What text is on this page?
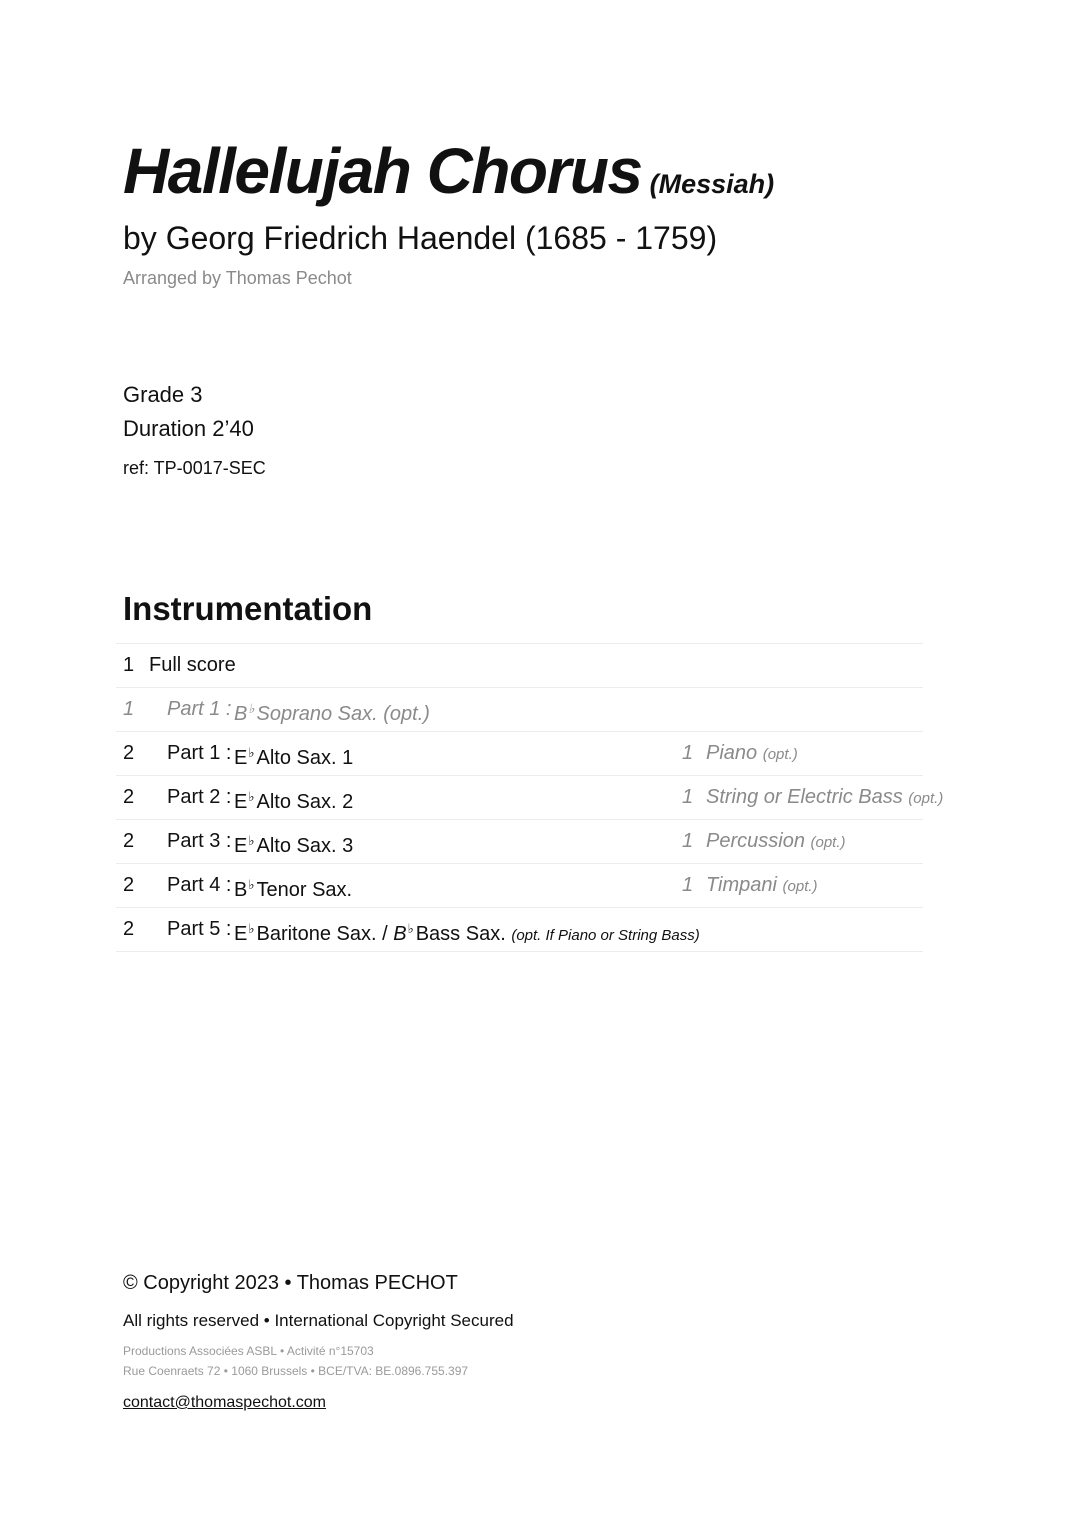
Hallelujah Chorus (Messiah)
by Georg Friedrich Haendel (1685 - 1759)
Arranged by Thomas Pechot
Grade 3
Duration 2’40
ref: TP-0017-SEC
Instrumentation
1 Full score
1 Part 1 : B♭ Soprano Sax. (opt.)
2 Part 1 : E♭ Alto Sax. 1	1 Piano (opt.)
2 Part 2 : E♭ Alto Sax. 2	1 String or Electric Bass (opt.)
2 Part 3 : E♭ Alto Sax. 3	1 Percussion (opt.)
2 Part 4 : B♭ Tenor Sax.	1 Timpani (opt.)
2 Part 5 : E♭ Baritone Sax. / B♭ Bass Sax. (opt. If Piano or String Bass)
© Copyright 2023 • Thomas PECHOT
All rights reserved • International Copyright Secured
Productions Associées ASBL • Activité n°15703
Rue Coenraets 72 • 1060 Brussels • BCE/TVA: BE.0896.755.397
contact@thomaspechot.com
